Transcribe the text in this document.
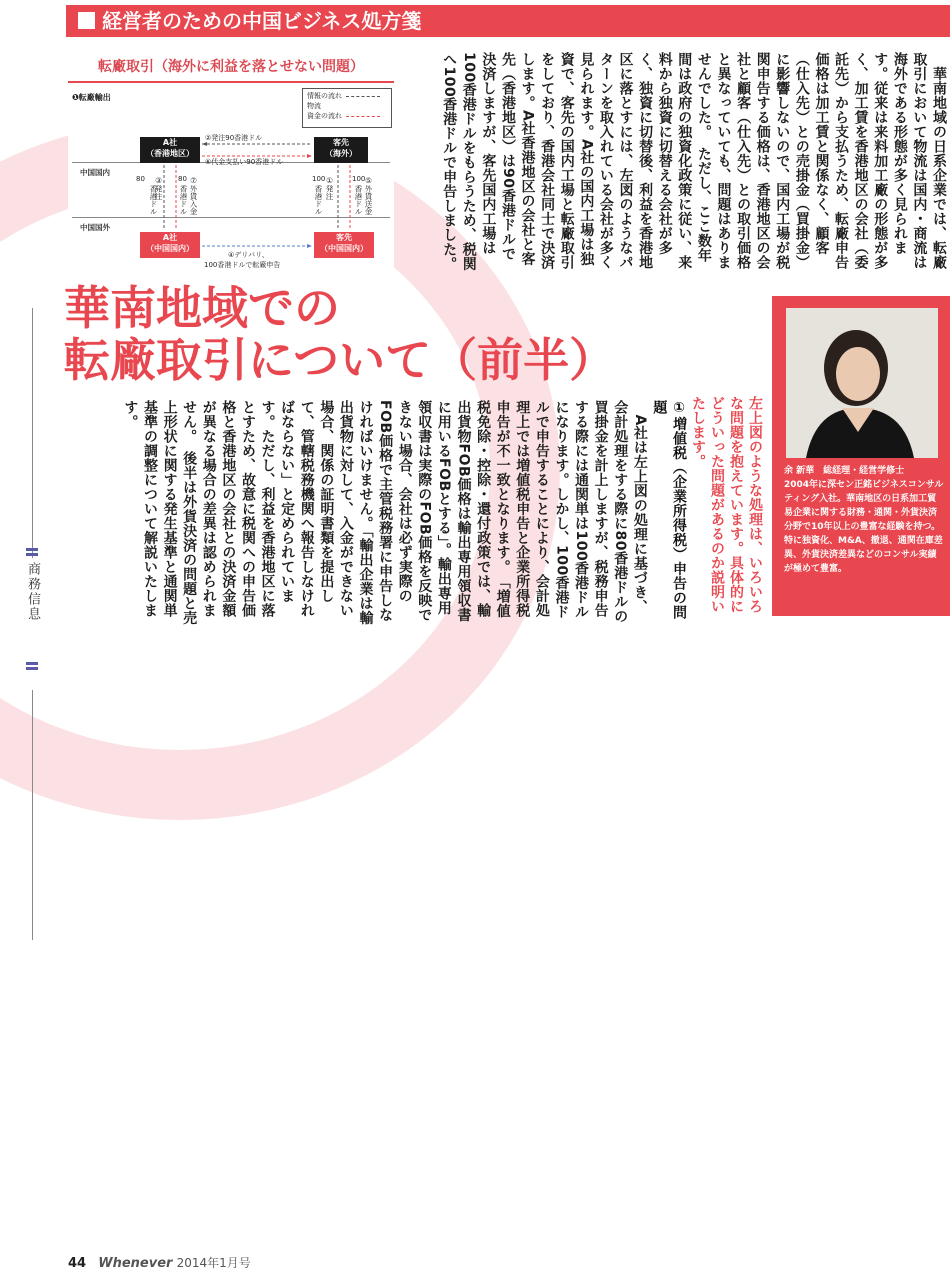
経営者のための中国ビジネス処方箋
転廠取引（海外に利益を落とせない問題）
❶転廠輸出	情報の流れ
物流
資金の流れ
中国国内
中国国外
A社
（香港地区）
客先
（海外）
A社
（中国国内）
客先
（中国国内）
②発注90香港ドル
⑥代金支払い90香港ドル
④デリバリ、
100香港ドルで転廠申告
80
香港ドル
③発注 80
香港ドル ⑦外貨入金	100
香港ドル ①発注	100
香港ドル ⑤外貨送金	　華南地域の日系企業では、転廠取引において物流は国内・商流は海外である形態が多く見られます。従来は来料加工廠の形態が多く、加工賃を香港地区の会社（委託先）から支払うため、転廠申告価格は加工賃と関係なく、顧客（仕入先）との売掛金（買掛金）に影響しないので、国内工場が税関申告する価格は、香港地区の会社と顧客（仕入先）との取引価格と異なっていても、問題はありませんでした。　ただし、ここ数年間は政府の独資化政策に従い、来料から独資に切替える会社が多く、独資に切替後、利益を香港地区に落とすには、左図のようなパターンを取入れている会社が多く見られます。A社の国内工場は独資で、客先の国内工場と転廠取引をしており、香港会社同士で決済します。A社香港地区の会社と客先（香港地区）は90香港ドルで決済しますが、客先国内工場は100香港ドルをもらうため、税関へ100香港ドルで申告しました。

華南地域での
転廠取引について（前半）
左上図のような処理は、いろいろな問題を抱えています。具体的にどういった問題があるのか説明いたします。

①増値税（企業所得税）申告の問題

　A社は左上図の処理に基づき、会計処理をする際に80香港ドルの買掛金を計上しますが、税務申告する際には通関単は100香港ドルになります。しかし、100香港ドルで申告することにより、会計処理上では増値税申告と企業所得税申告が不一致となります。　「増値税免除・控除・還付政策では、輸出貨物FOB価格は輸出専用領収書に用いるFOBとする」。輸出専用領収書は実際のFOB価格を反映できない場合、会社は必ず実際のFOB価格で主管税務署に申告しなければいけません。「輸出企業は輸出貨物に対して、入金ができない場合、関係の証明書類を提出して、管轄税務機関へ報告しなければならない」と定められています。ただし、利益を香港地区に落とすため、故意に税関への申告価格と香港地区の会社との決済金額が異なる場合の差異は認められません。　後半は外貨決済の問題と売上形状に関する発生基準と通関単基準の調整について解説いたします。

余 新華　総経理・経営学修士
2004年に深セン正銘ビジネスコンサルティング入社。華南地区の日系加工貿易企業に関する財務・通関・外貨決済分野で10年以上の豊富な経験を持つ。特に独資化、M&A、撤退、通関在庫差異、外貨決済差異などのコンサル実績が極めて豊富。
商務信息
44 Whenever 2014年1月号
